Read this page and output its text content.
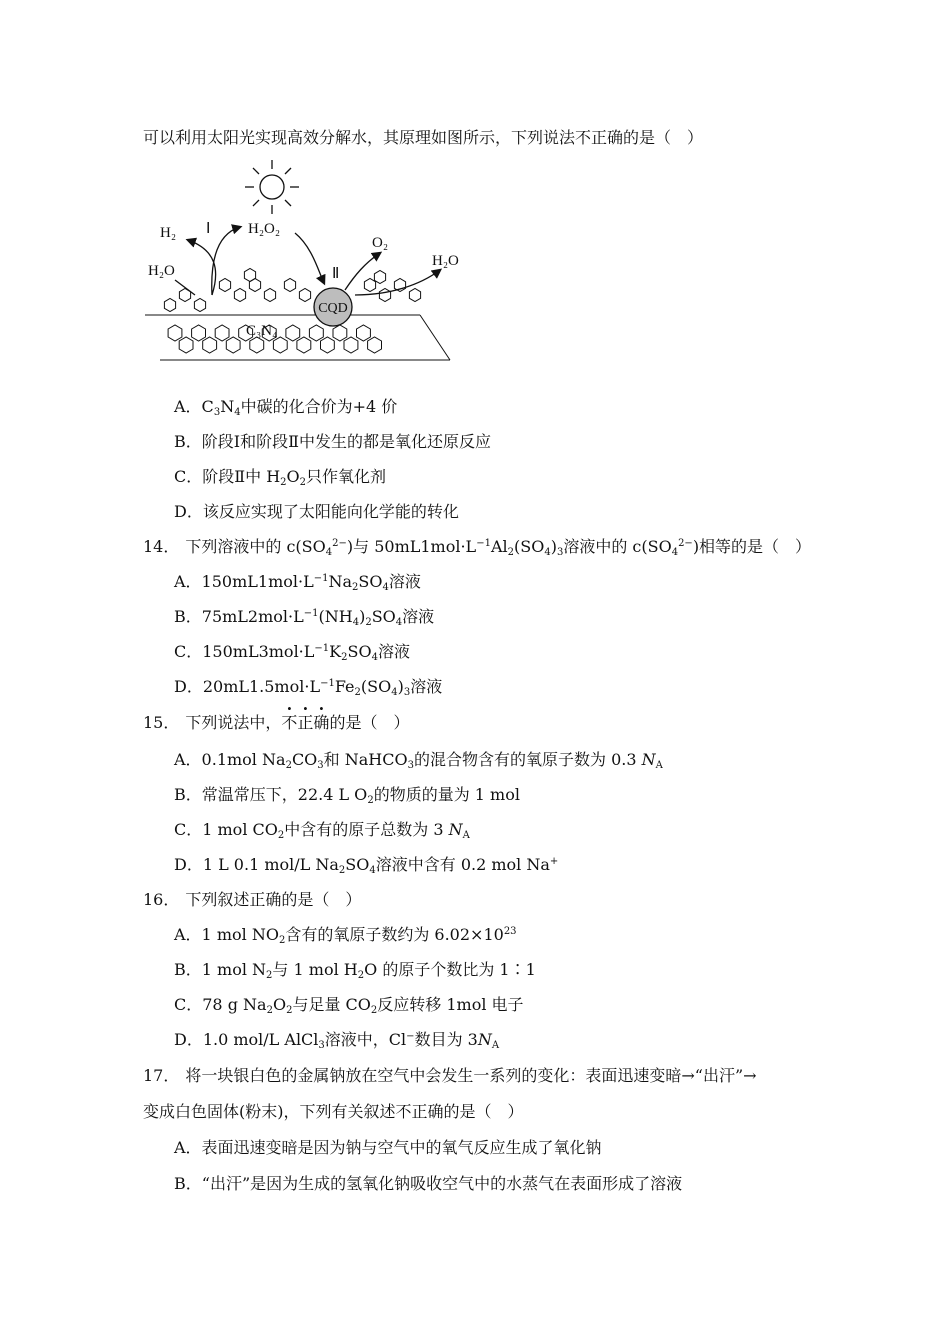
可以利用太阳光实现高效分解水，其原理如图所示，下列说法不正确的是（　）
H₂ Ⅰ	H₂O₂
Ⅱ
O₂
H₂O
H₂O
C₃N₄
CQD
A．$C_3N_4$中碳的化合价为+4 价
B．阶段Ⅰ和阶段Ⅱ中发生的都是氧化还原反应
C．阶段Ⅱ中 $H_2O_2$只作氧化剂
D．该反应实现了太阳能向化学能的转化
14． 下列溶液中的 $c(SO_4^{2-})$与 $50mL1mol\cdot L^{-1}Al_2(SO_4)_3$溶液中的 $c(SO_4^{2-})$相等的是（　）
A．$150mL1mol\cdot L^{-1}Na_2SO_4$溶液
B．$75mL2mol\cdot L^{-1}(NH_4)_2SO_4$溶液
C．$150mL3mol\cdot L^{-1}K_2SO_4$溶液
D．$20mL1.5mol\cdot L^{-1}Fe_2(SO_4)_3$溶液
15． 下列说法中，不正确的是（　）
A．0.1mol $Na_2CO_3$和 NaHCO$_3$的混合物含有的氧原子数为 0.3 $N_A$
B．常温常压下，22.4 L $O_2$的物质的量为 1 mol
C．1 mol $CO_2$中含有的原子总数为 3 $N_A$
D．1 L 0.1 mol/L $Na_2SO_4$溶液中含有 0.2 mol Na+
16． 下列叙述正确的是（　）
A．1 mol $NO_2$含有的氧原子数约为 $6.02\times 10^{23}$
B．1 mol $N_2$与 1 mol $H_2O$ 的原子个数比为 1∶1
C．78 g $Na_2O_2$与足量 $CO_2$反应转移 1mol 电子
D．1.0 mol/L AlCl$_3$溶液中，Cl−数目为 $3N_A$
17． 将一块银白色的金属钠放在空气中会发生一系列的变化：表面迅速变暗→“出汗”→
变成白色固体(粉末)，下列有关叙述不正确的是（　）
A．表面迅速变暗是因为钠与空气中的氧气反应生成了氧化钠
B．“出汗”是因为生成的氢氧化钠吸收空气中的水蒸气在表面形成了溶液
